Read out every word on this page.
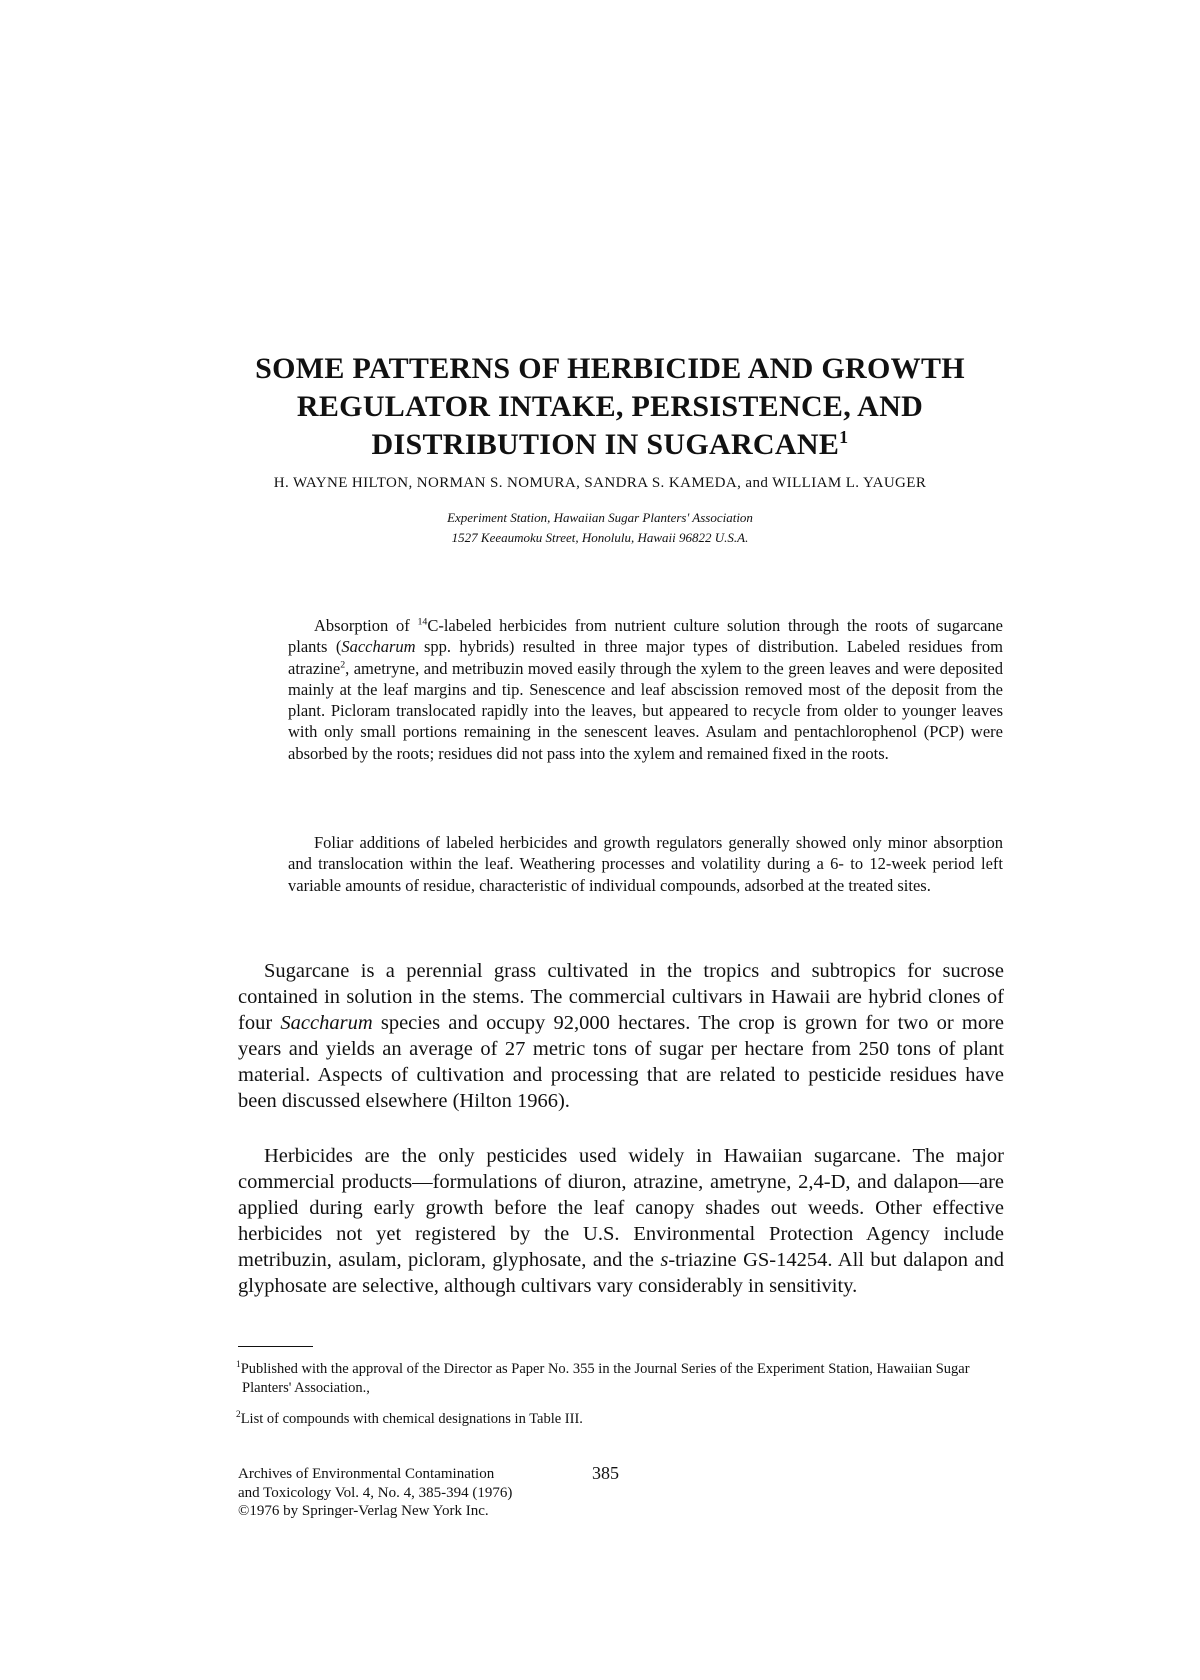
SOME PATTERNS OF HERBICIDE AND GROWTH
REGULATOR INTAKE, PERSISTENCE, AND
DISTRIBUTION IN SUGARCANE$^1$
H. WAYNE HILTON, NORMAN S. NOMURA, SANDRA S. KAMEDA, and WILLIAM L. YAUGER
Experiment Station, Hawaiian Sugar Planters' Association
1527 Keeaumoku Street, Honolulu, Hawaii 96822 U.S.A.

Absorption of $^{14}$C-labeled herbicides from nutrient culture solution through the roots of sugarcane plants (Saccharum spp. hybrids) resulted in three major types of distribution. Labeled residues from atrazine$^2$, ametryne, and metribuzin moved easily through the xylem to the green leaves and were deposited mainly at the leaf margins and tip. Senescence and leaf abscission removed most of the deposit from the plant. Picloram translocated rapidly into the leaves, but appeared to recycle from older to younger leaves with only small portions remaining in the senescent leaves. Asulam and pentachlorophenol (PCP) were absorbed by the roots; residues did not pass into the xylem and remained fixed in the roots.

Foliar additions of labeled herbicides and growth regulators generally showed only minor absorption and translocation within the leaf. Weathering processes and volatility during a 6- to 12-week period left variable amounts of residue, characteristic of individual compounds, adsorbed at the treated sites.

Sugarcane is a perennial grass cultivated in the tropics and subtropics for sucrose contained in solution in the stems. The commercial cultivars in Hawaii are hybrid clones of four Saccharum species and occupy 92,000 hectares. The crop is grown for two or more years and yields an average of 27 metric tons of sugar per hectare from 250 tons of plant material. Aspects of cultivation and processing that are related to pesticide residues have been discussed elsewhere (Hilton 1966).

Herbicides are the only pesticides used widely in Hawaiian sugarcane. The major commercial products—formulations of diuron, atrazine, ametryne, 2,4-D, and dalapon—are applied during early growth before the leaf canopy shades out weeds. Other effective herbicides not yet registered by the U.S. Environmental Protection Agency include metribuzin, asulam, picloram, glyphosate, and the s-triazine GS-14254. All but dalapon and glyphosate are selective, although cultivars vary considerably in sensitivity.

$^1$Published with the approval of the Director as Paper No. 355 in the Journal Series of the Experiment Station, Hawaiian Sugar Planters' Association.,

$^2$List of compounds with chemical designations in Table III.

Archives of Environmental Contamination
and Toxicology Vol. 4, No. 4, 385-394 (1976)
©1976 by Springer-Verlag New York Inc.
385
